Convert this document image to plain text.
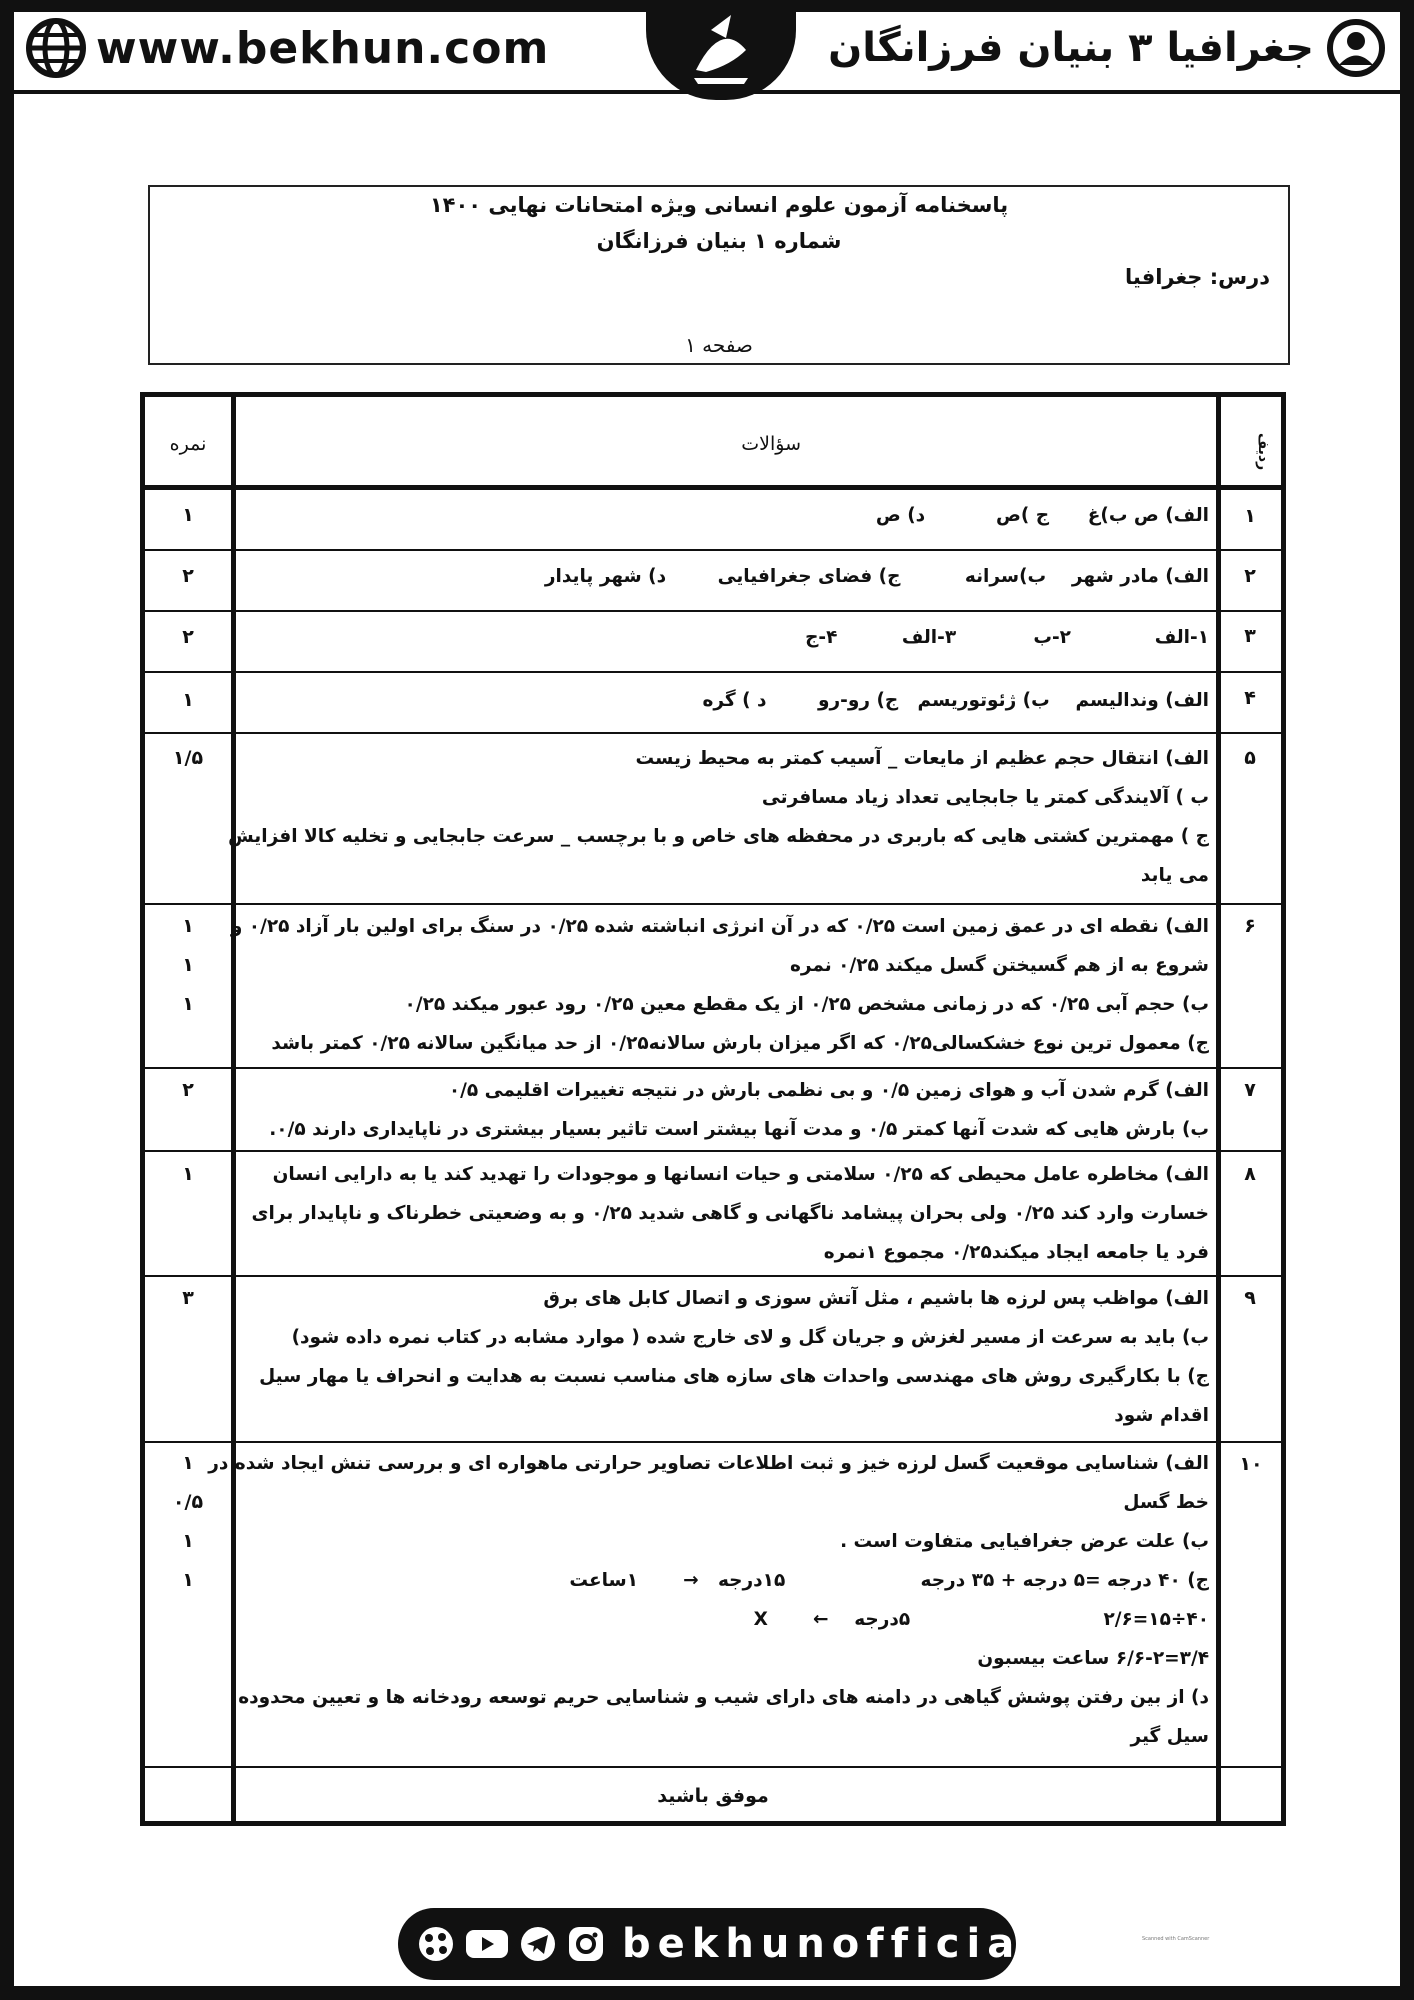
www.bekhun.com	جغرافیا ۳ بنیان فرزانگان
پاسخنامه آزمون علوم انسانی ویژه امتحانات نهایی ۱۴۰۰
شماره ۱ بنیان فرزانگان
درس: جغرافیا
صفحه ۱
ردیف
سؤالات
نمره
۱

الف) ص ب)غ      ج )ص           د) ص

۱
۲

الف) مادر شهر    ب)سرانه          ج) فضای جغرافیایی        د) شهر پایدار

۲
۳

۱-الف             ۲-ب            ۳-الف          ۴-ج

۲
۴

الف) وندالیسم    ب) ژئوتوریسم   ج) رو-رو        د ) گره

۱
۵

الف) انتقال حجم عظیم از مایعات _ آسیب کمتر به محیط زیست

ب ) آلایندگی کمتر یا جابجایی تعداد زیاد مسافرتی

ج ) مهمترین کشتی هایی که باربری در محفظه های خاص و با برچسب _ سرعت جابجایی و تخلیه کالا افزایش

می یابد

۱/۵
۶

الف) نقطه ای در عمق زمین است ۰/۲۵ که در آن انرژی انباشته شده ۰/۲۵ در سنگ برای اولین بار آزاد ۰/۲۵ و

شروع به از هم گسیختن گسل میکند ۰/۲۵ نمره

ب) حجم آبی ۰/۲۵ که در زمانی مشخص ۰/۲۵ از یک مقطع معین ۰/۲۵ رود عبور میکند ۰/۲۵

ج) معمول ترین نوع خشکسالی۰/۲۵ که اگر میزان بارش سالانه۰/۲۵ از حد میانگین سالانه ۰/۲۵ کمتر باشد

۱
۱
۱
۷

الف) گرم شدن آب و هوای زمین ۰/۵ و بی نظمی بارش در نتیجه تغییرات اقلیمی ۰/۵

ب) بارش هایی که شدت آنها کمتر ۰/۵ و مدت آنها بیشتر است تاثیر بسیار بیشتری در ناپایداری دارند ۰/۵.

۲
۸

الف) مخاطره عامل محیطی که ۰/۲۵ سلامتی و حیات انسانها و موجودات را تهدید کند یا به دارایی انسان

خسارت وارد کند ۰/۲۵ ولی بحران پیشامد ناگهانی و گاهی شدید ۰/۲۵ و به وضعیتی خطرناک و ناپایدار برای

فرد یا جامعه ایجاد میکند۰/۲۵ مجموع ۱نمره

۱
۹

الف) مواظب پس لرزه ها باشیم ، مثل آتش سوزی و اتصال کابل های برق

ب) باید به سرعت از مسیر لغزش و جریان گل و لای خارج شده ( موارد مشابه در کتاب نمره داده شود)

ج) با بکارگیری روش های مهندسی واحدات های سازه های مناسب نسبت به هدایت و انحراف یا مهار سیل

اقدام شود

۳
۱۰

الف) شناسایی موقعیت گسل لرزه خیز و ثبت اطلاعات تصاویر حرارتی ماهواره ای و بررسی تنش ایجاد شده در

خط گسل

ب) علت عرض جغرافیایی متفاوت است .

ج) ۴۰ درجه =۵ درجه + ۳۵ درجه                     ۱۵درجه   →       ۱ساعت

۴۰÷۱۵=۲/۶                              ۵درجه    ←       X

۳/۴=۶/۶-۲ ساعت بیسبون

د) از بین رفتن پوشش گیاهی در دامنه های دارای شیب و شناسایی حریم توسعه رودخانه ها و تعیین محدوده

سیل گیر

۱
۰/۵
۱
۱
موفق باشید
Scanned with CamScanner
bekhunofficial
